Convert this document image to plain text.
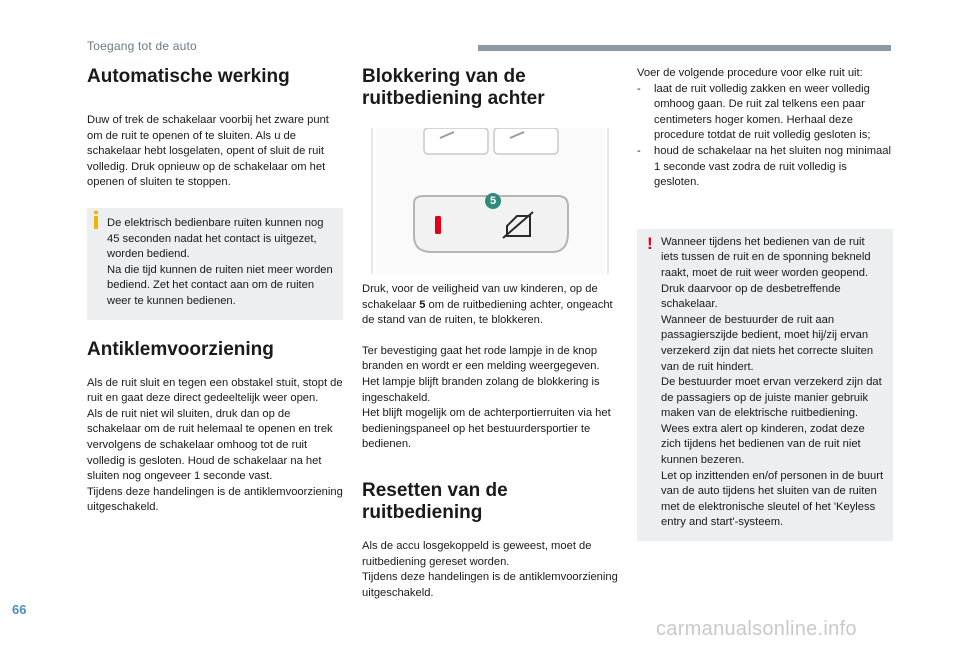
Toegang tot de auto
Automatische werking

Duw of trek de schakelaar voorbij het zware punt om de ruit te openen of te sluiten. Als u de schakelaar hebt losgelaten, opent of sluit de ruit volledig. Druk opnieuw op de schakelaar om het openen of sluiten te stoppen.

De elektrisch bedienbare ruiten kunnen nog 45 seconden nadat het contact is uitgezet, worden bediend.

Na die tijd kunnen de ruiten niet meer worden bediend. Zet het contact aan om de ruiten weer te kunnen bedienen.

Antiklemvoorziening

Als de ruit sluit en tegen een obstakel stuit, stopt de ruit en gaat deze direct gedeeltelijk weer open.

Als de ruit niet wil sluiten, druk dan op de schakelaar om de ruit helemaal te openen en trek vervolgens de schakelaar omhoog tot de ruit volledig is gesloten. Houd de schakelaar na het sluiten nog ongeveer 1 seconde vast.

Tijdens deze handelingen is de antiklemvoorziening uitgeschakeld.

Blokkering van de ruitbediening achter
5

Druk, voor de veiligheid van uw kinderen, op de schakelaar 5 om de ruitbediening achter, ongeacht de stand van de ruiten, te blokkeren.

Ter bevestiging gaat het rode lampje in de knop branden en wordt er een melding weergegeven. Het lampje blijft branden zolang de blokkering is ingeschakeld.

Het blijft mogelijk om de achterportierruiten via het bedieningspaneel op het bestuurdersportier te bedienen.

Resetten van de ruitbediening

Als de accu losgekoppeld is geweest, moet de ruitbediening gereset worden.

Tijdens deze handelingen is de antiklemvoorziening uitgeschakeld.

Voer de volgende procedure voor elke ruit uit:

- laat de ruit volledig zakken en weer volledig omhoog gaan. De ruit zal telkens een paar centimeters hoger komen. Herhaal deze procedure totdat de ruit volledig gesloten is;
- houd de schakelaar na het sluiten nog minimaal 1 seconde vast zodra de ruit volledig is gesloten.
! Wanneer tijdens het bedienen van de ruit iets tussen de ruit en de sponning bekneld raakt, moet de ruit weer worden geopend. Druk daarvoor op de desbetreffende schakelaar.

Wanneer de bestuurder de ruit aan passagierszijde bedient, moet hij/zij ervan verzekerd zijn dat niets het correcte sluiten van de ruit hindert.

De bestuurder moet ervan verzekerd zijn dat de passagiers op de juiste manier gebruik maken van de elektrische ruitbediening.

Wees extra alert op kinderen, zodat deze zich tijdens het bedienen van de ruit niet kunnen bezeren.

Let op inzittenden en/of personen in de buurt van de auto tijdens het sluiten van de ruiten met de elektronische sleutel of het 'Keyless entry and start'-systeem.

66
carmanualsonline.info
